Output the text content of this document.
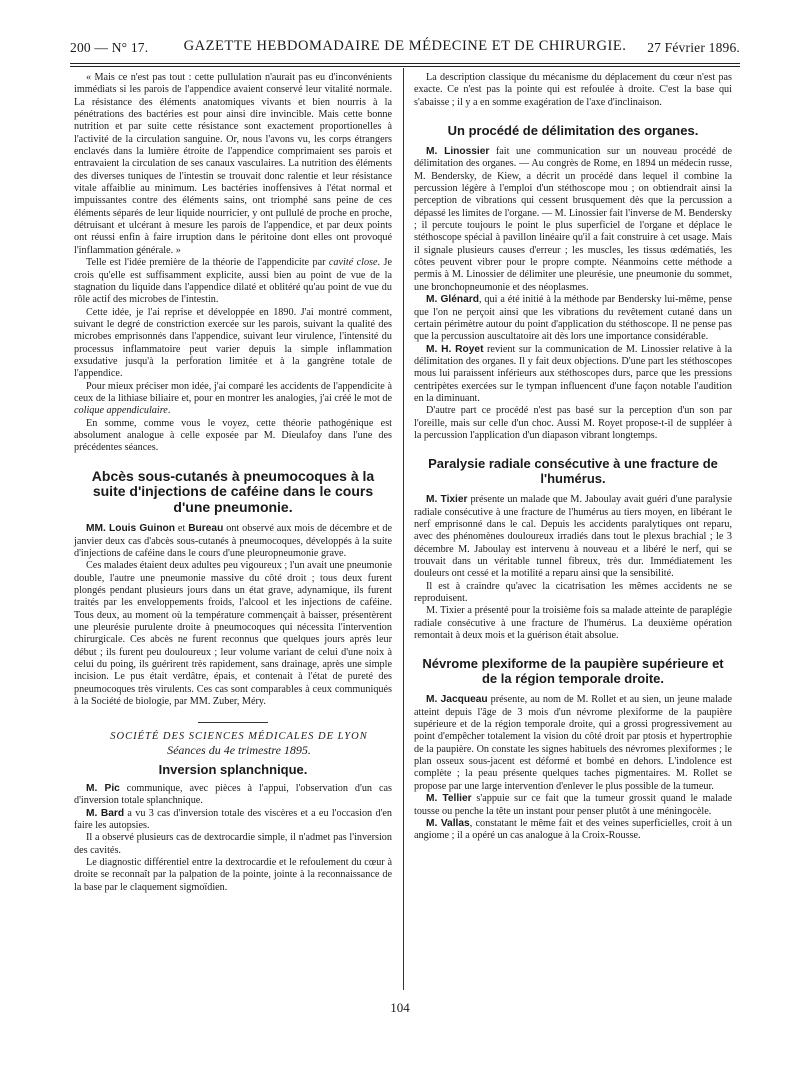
200 — N° 17.	GAZETTE HEBDOMADAIRE DE MÉDECINE ET DE CHIRURGIE.	27 Février 1896.

« Mais ce n'est pas tout : cette pullulation n'aurait pas eu d'inconvénients immédiats si les parois de l'appendice avaient conservé leur vitalité normale. La résistance des éléments anatomiques vivants et bien nourris à la pénétrations des bactéries est pour ainsi dire invincible. Mais cette bonne nutrition et par suite cette résistance sont exactement proportionelles à l'activité de la circulation sanguine. Or, nous l'avons vu, les corps étrangers enclavés dans la lumière étroite de l'appendice comprimaient ses parois et entravaient la circulation de ses canaux vasculaires. La nutrition des éléments des diverses tuniques de l'intestin se trouvait donc ralentie et leur résistance vitale affaiblie au minimum. Les bactéries inoffensives à l'état normal et impuissantes contre des éléments sains, ont triomphé sans peine de ces éléments séparés de leur liquide nourricier, y ont pullulé de proche en proche, détruisant et ulcérant à mesure les parois de l'appendice, et par deux points ont réussi enfin à faire irruption dans le péritoine dont elles ont provoqué l'inflammation générale. »

Telle est l'idée première de la théorie de l'appendicite par cavité close. Je crois qu'elle est suffisamment explicite, aussi bien au point de vue de la stagnation du liquide dans l'appendice dilaté et oblitéré qu'au point de vue du rôle actif des microbes de l'intestin.

Cette idée, je l'ai reprise et développée en 1890. J'ai montré comment, suivant le degré de constriction exercée sur les parois, suivant la qualité des microbes emprisonnés dans l'appendice, suivant leur virulence, l'intensité du processus inflammatoire peut varier depuis la simple inflammation exsudative jusqu'à la perforation limitée et à la gangrène totale de l'appendice.

Pour mieux préciser mon idée, j'ai comparé les accidents de l'appendicite à ceux de la lithiase biliaire et, pour en montrer les analogies, j'ai créé le mot de colique appendiculaire.

En somme, comme vous le voyez, cette théorie pathogénique est absolument analogue à celle exposée par M. Dieulafoy dans l'une des précédentes séances.

Abcès sous-cutanés à pneumocoques à la suite d'injections de caféine dans le cours d'une pneumonie.

MM. Louis Guinon et Bureau ont observé aux mois de décembre et de janvier deux cas d'abcès sous-cutanés à pneumocoques, développés à la suite d'injections de caféine dans le cours d'une pleuropneumonie grave.

Ces malades étaient deux adultes peu vigoureux ; l'un avait une pneumonie double, l'autre une pneumonie massive du côté droit ; tous deux furent plongés pendant plusieurs jours dans un état grave, adynamique, ils furent traités par les enveloppements froids, l'alcool et les injections de caféine. Tous deux, au moment où la température commençait à baisser, présentèrent une pleurésie purulente droite à pneumocoques qui nécessita l'intervention chirurgicale. Ces abcès ne furent reconnus que quelques jours après leur début ; ils furent peu douloureux ; leur volume variant de celui d'une noix à celui du poing, ils guérirent très rapidement, sans drainage, après une simple incision. Le pus était verdâtre, épais, et contenait à l'état de pureté des pneumocoques très virulents. Ces cas sont comparables à ceux communiqués à la Société de biologie, par MM. Zuber, Méry.

SOCIÉTÉ DES SCIENCES MÉDICALES DE LYON

Séances du 4e trimestre 1895.

Inversion splanchnique.

M. Pic communique, avec pièces à l'appui, l'observation d'un cas d'inversion totale splanchnique.

M. Bard a vu 3 cas d'inversion totale des viscères et a eu l'occasion d'en faire les autopsies.

Il a observé plusieurs cas de dextrocardie simple, il n'admet pas l'inversion des cavités.

Le diagnostic différentiel entre la dextrocardie et le refoulement du cœur à droite se reconnaît par la palpation de la pointe, jointe à la reconnaissance de la base par le claquement sigmoïdien.

La description classique du mécanisme du déplacement du cœur n'est pas exacte. Ce n'est pas la pointe qui est refoulée à droite. C'est la base qui s'abaisse ; il y a en somme exagération de l'axe d'inclinaison.

Un procédé de délimitation des organes.

M. Linossier fait une communication sur un nouveau procédé de délimitation des organes. — Au congrès de Rome, en 1894 un médecin russe, M. Bendersky, de Kiew, a décrit un procédé dans lequel il combine la percussion légère à l'emploi d'un stéthoscope mou ; on obtiendrait ainsi la perception de vibrations qui cessent brusquement dès que la percussion a dépassé les limites de l'organe. — M. Linossier fait l'inverse de M. Bendersky ; il percute toujours le point le plus superficiel de l'organe et déplace le stéthoscope spécial à pavillon linéaire qu'il a fait construire à cet usage. Mais il signale plusieurs causes d'erreur ; les muscles, les tissus œdématiés, les côtes peuvent vibrer pour le propre compte. Néanmoins cette méthode a permis à M. Linossier de délimiter une pleurésie, une pneumonie du sommet, une bronchopneumonie et des néoplasmes.

M. Glénard, qui a été initié à la méthode par Bendersky lui-même, pense que l'on ne perçoit ainsi que les vibrations du revêtement cutané dans un certain périmètre autour du point d'application du stéthoscope. Il ne pense pas que la percussion auscultatoire ait dès lors une importance considérable.

M. H. Royet revient sur la communication de M. Linossier relative à la délimitation des organes. Il y fait deux objections. D'une part les stéthoscopes mous lui paraissent inférieurs aux stéthoscopes durs, parce que les pressions centripètes exercées sur le tympan influencent d'une façon notable l'audition en la diminuant.

D'autre part ce procédé n'est pas basé sur la perception d'un son par l'oreille, mais sur celle d'un choc. Aussi M. Royet propose-t-il de suppléer à la percussion l'application d'un diapason vibrant longtemps.

Paralysie radiale consécutive à une fracture de l'humérus.

M. Tixier présente un malade que M. Jaboulay avait guéri d'une paralysie radiale consécutive à une fracture de l'humérus au tiers moyen, en libérant le nerf emprisonné dans le cal. Depuis les accidents paralytiques ont reparu, avec des phénomènes douloureux irradiés dans tout le plexus brachial ; le 3 décembre M. Jaboulay est intervenu à nouveau et a libéré le nerf, qui se trouvait dans un véritable tunnel fibreux, très dur. Immédiatement les douleurs ont cessé et la motilité a reparu ainsi que la sensibilité.

Il est à craindre qu'avec la cicatrisation les mêmes accidents ne se reproduisent.

M. Tixier a présenté pour la troisième fois sa malade atteinte de paraplégie radiale consécutive à une fracture de l'humérus. La deuxième opération remontait à deux mois et la guérison était absolue.

Névrome plexiforme de la paupière supérieure et de la région temporale droite.

M. Jacqueau présente, au nom de M. Rollet et au sien, un jeune malade atteint depuis l'âge de 3 mois d'un névrome plexiforme de la paupière supérieure et de la région temporale droite, qui a grossi progressivement au point d'empêcher totalement la vision du côté droit par ptosis et hypertrophie de la paupière. On constate les signes habituels des névromes plexiformes ; le plan osseux sous-jacent est déformé et bombé en dehors. L'indolence est complète ; la peau présente quelques taches pigmentaires. M. Rollet se propose par une large intervention d'enlever le plus possible de la tumeur.

M. Tellier s'appuie sur ce fait que la tumeur grossit quand le malade tousse ou penche la tête un instant pour penser plutôt à une méningocèle.

M. Vallas, constatant le même fait et des veines superficielles, croit à un angiome ; il a opéré un cas analogue à la Croix-Rousse.

104
